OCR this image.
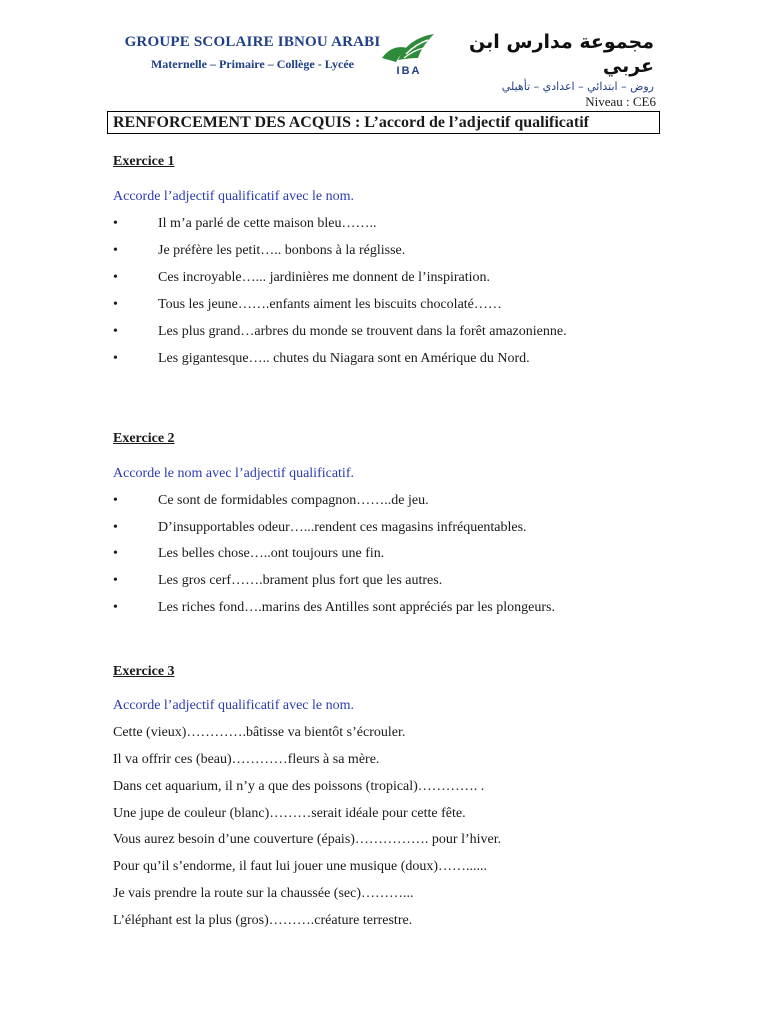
GROUPE SCOLAIRE IBNOU ARABI
Maternelle – Primaire – Collège - Lycée	IBA
مجموعة مدارس ابن عربي
روض – ابتدائي – اعدادي – تأهيلي
Niveau : CE6
RENFORCEMENT DES ACQUIS : L’accord de l’adjectif qualificatif
Exercice 1
Accorde l’adjectif qualificatif avec le nom.
•	Il m’a parlé de cette maison bleu……..
•	Je préfère les petit….. bonbons à la réglisse.
•	Ces incroyable…... jardinières me donnent de l’inspiration.
•	Tous les jeune…….enfants aiment les biscuits chocolaté……
•	Les plus grand…arbres du monde se trouvent dans la forêt amazonienne.
•	Les gigantesque….. chutes du Niagara sont en Amérique du Nord.
Exercice 2
Accorde le nom avec l’adjectif qualificatif.
•	Ce sont de formidables compagnon……..de jeu.
•	D’insupportables odeur…...rendent ces magasins infréquentables.
•	Les belles chose…..ont toujours une fin.
•	Les gros cerf…….brament plus fort que les autres.
•	Les riches fond….marins des Antilles sont appréciés par les plongeurs.
Exercice 3
Accorde l’adjectif qualificatif avec le nom.
Cette (vieux)………….bâtisse va bientôt s’écrouler.
Il va offrir ces (beau)…………fleurs à sa mère.
Dans cet aquarium, il n’y a que des poissons (tropical)…………. .
Une jupe de couleur (blanc)………serait idéale pour cette fête.
Vous aurez besoin d’une couverture (épais)……………. pour l’hiver.
Pour qu’il s’endorme, il faut lui jouer une musique (doux)……......
Je vais prendre la route sur la chaussée (sec)………...
L’éléphant est la plus (gros)……….créature terrestre.
